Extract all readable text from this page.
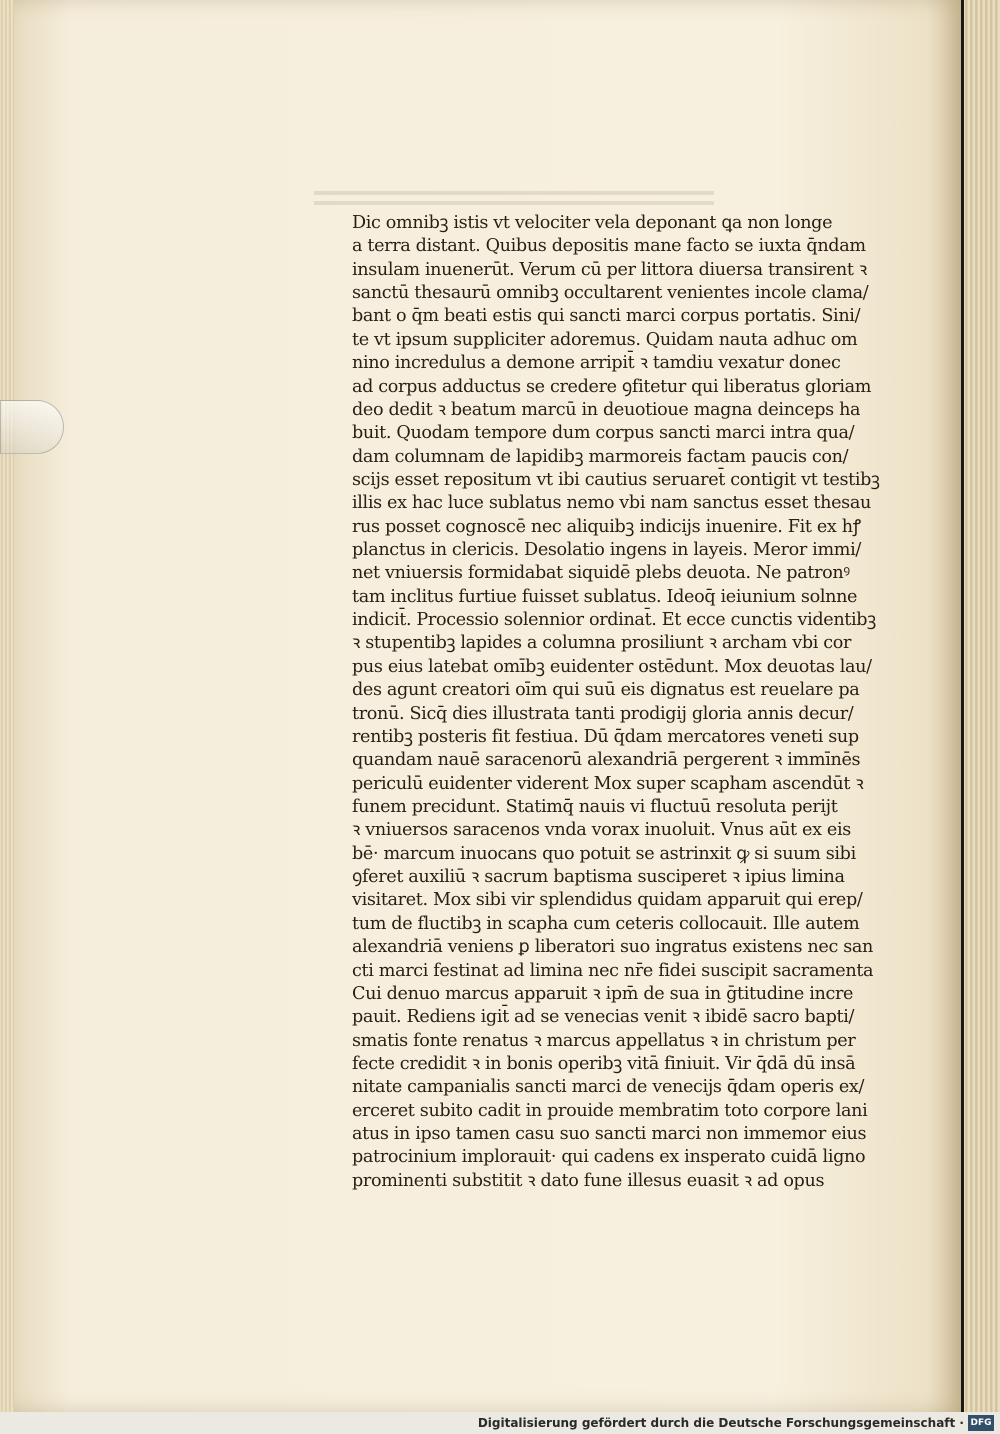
Dic omnibꝫ istis vt velociter vela deponant ꝗa non longe
a terra distant. Quibus depositis mane facto se iuxta q̄ndam
insulam inuenerūt. Verum cū per littora diuersa transirent ꝛ
sanctū thesaurū omnibꝫ occultarent venientes incole clama/
bant o q̄m beati estis qui sancti marci corpus portatis. Sini/
te vt ipsum suppliciter adoremus. Quidam nauta adhuc om
nino incredulus a demone arripit̄ ꝛ tamdiu vexatur donec
ad corpus adductus se credere ꝯfitetur qui liberatus gloriam
deo dedit ꝛ beatum marcū in deuotioue magna deinceps ha
buit. Quodam tempore dum corpus sancti marci intra qua/
dam columnam de lapidibꝫ marmoreis factam paucis con/
scijs esset repositum vt ibi cautius seruaret̄ contigit vt testibꝫ
illis ex hac luce sublatus nemo vbi nam sanctus esset thesau
rus posset cognoscē nec aliquibꝫ indicijs inuenire. Fit ex hꝭ
planctus in clericis. Desolatio ingens in layeis. Meror immi/
net vniuersis formidabat siquidē plebs deuota. Ne patronꝰ
tam inclitus furtiue fuisset sublatus. Ideoq̄ ieiunium solnne
indicit̄. Processio solennior ordinat̄. Et ecce cunctis videntibꝫ
ꝛ stupentibꝫ lapides a columna prosiliunt ꝛ archam vbi cor
pus eius latebat omībꝫ euidenter ostēdunt. Mox deuotas lau/
des agunt creatori oīm qui suū eis dignatus est reuelare pa
tronū. Sicq̄ dies illustrata tanti prodigij gloria annis decur/
rentibꝫ posteris fit festiua. Dū q̄dam mercatores veneti sup
quandam nauē saracenorū alexandriā pergerent ꝛ immīnēs
periculū euidenter viderent Mox super scapham ascendūt ꝛ
funem precidunt. Statimq̄ nauis vi fluctuū resoluta perijt
ꝛ vniuersos saracenos vnda vorax inuoluit. Vnus aūt ex eis
bē· marcum inuocans quo potuit se astrinxit ꝙ si suum sibi
ꝯferet auxiliū ꝛ sacrum baptisma susciperet ꝛ ipius limina
visitaret. Mox sibi vir splendidus quidam apparuit qui erep/
tum de fluctibꝫ in scapha cum ceteris collocauit. Ille autem
alexandriā veniens ꝑ liberatori suo ingratus existens nec san
cti marci festinat ad limina nec nr̄e fidei suscipit sacramenta
Cui denuo marcus apparuit ꝛ ipm̄ de sua in ḡtitudine incre
pauit. Rediens igit̄ ad se venecias venit ꝛ ibidē sacro bapti/
smatis fonte renatus ꝛ marcus appellatus ꝛ in christum per
fecte credidit ꝛ in bonis operibꝫ vitā finiuit. Vir q̄dā dū insā
nitate campanialis sancti marci de venecijs q̄dam operis ex/
erceret subito cadit in prouide membratim toto corpore lani
atus in ipso tamen casu suo sancti marci non immemor eius
patrocinium implorauit· qui cadens ex insperato cuidā ligno
prominenti substitit ꝛ dato fune illesus euasit ꝛ ad opus
Digitalisierung gefördert durch die Deutsche Forschungsgemeinschaft · DFG
